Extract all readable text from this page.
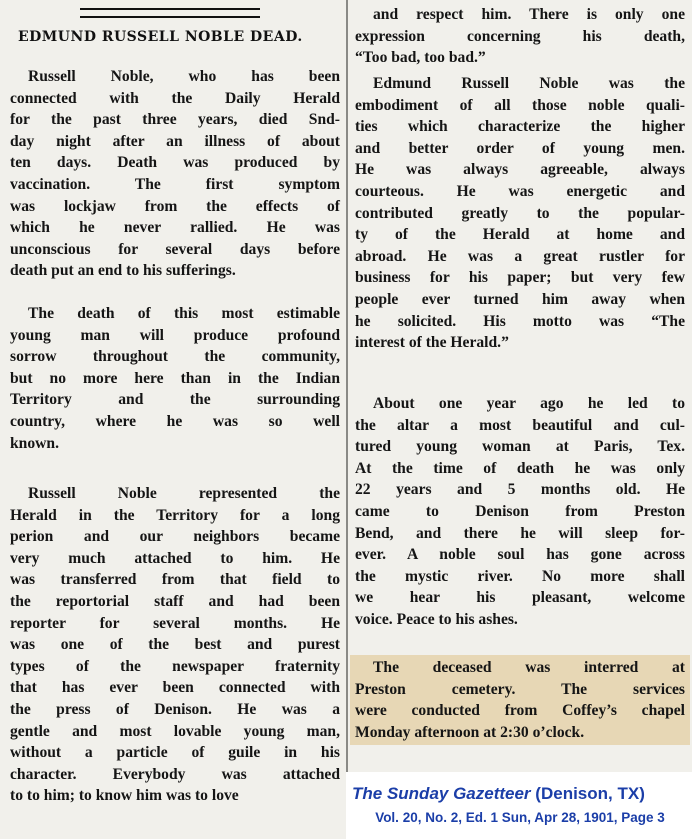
EDMUND RUSSELL NOBLE DEAD.
Russell Noble, who has been
connected with the Daily Herald
for the past three years, died Snd-
day night after an illness of about
ten days. Death was produced by
vaccination. The first symptom
was lockjaw from the effects of
which he never rallied. He was
unconscious for several days before
death put an end to his sufferings.
The death of this most estimable
young man will produce profound
sorrow throughout the community,
but no more here than in the Indian
Territory and the surrounding
country, where he was so well
known.
Russell Noble represented the
Herald in the Territory for a long
perion and our neighbors became
very much attached to him. He
was transferred from that field to
the reportorial staff and had been
reporter for several months. He
was one of the best and purest
types of the newspaper fraternity
that has ever been connected with
the press of Denison. He was a
gentle and most lovable young man,
without a particle of guile in his
character. Everybody was attached
to to him; to know him was to love
and respect him. There is only one
expression concerning his death,
“Too bad, too bad.”
Edmund Russell Noble was the
embodiment of all those noble quali-
ties which characterize the higher
and better order of young men.
He was always agreeable, always
courteous. He was energetic and
contributed greatly to the popular-
ty of the Herald at home and
abroad. He was a great rustler for
business for his paper; but very few
people ever turned him away when
he solicited. His motto was “The
interest of the Herald.”
About one year ago he led to
the altar a most beautiful and cul-
tured young woman at Paris, Tex.
At the time of death he was only
22 years and 5 months old. He
came to Denison from Preston
Bend, and there he will sleep for-
ever. A noble soul has gone across
the mystic river. No more shall
we hear his pleasant, welcome
voice. Peace to his ashes.
The deceased was interred at
Preston cemetery. The services
were conducted from Coffey’s chapel
Monday afternoon at 2:30 o’clock.
The Sunday Gazetteer (Denison, TX)
Vol. 20, No. 2, Ed. 1 Sun, Apr 28, 1901, Page 3
